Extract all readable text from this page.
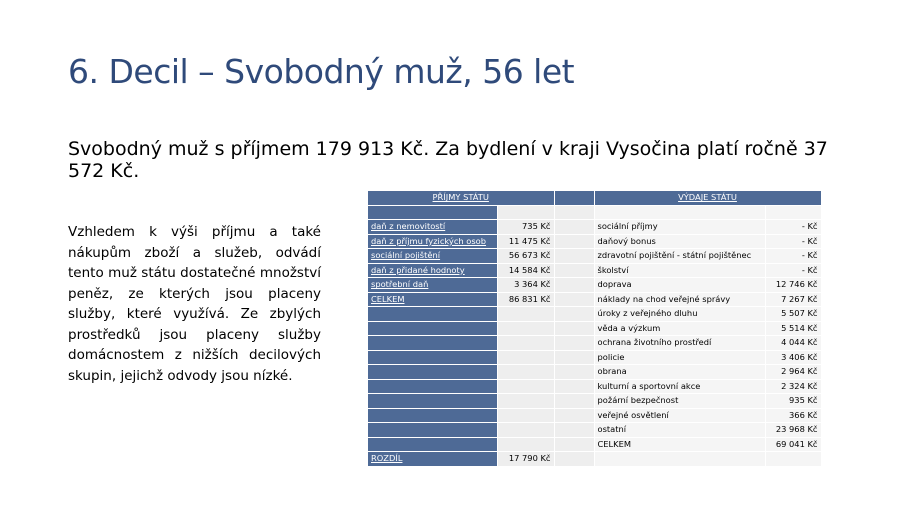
6. Decil – Svobodný muž, 56 let

Svobodný muž s příjmem 179 913 Kč. Za bydlení v kraji Vysočina platí ročně 37 572 Kč.

Vzhledem k výši příjmu a také nákupům zboží a služeb, odvádí tento muž státu dostatečné množství peněz, ze kterých jsou placeny služby, které využívá. Ze zbylých prostředků jsou placeny služby domácnostem z nižších decilových skupin, jejichž odvody jsou nízké.

PŘÍJMY STÁTU			VÝDAJE STÁTU	

daň z nemovitostí	735 Kč		sociální příjmy	- Kč
daň z příjmu fyzických osob	11 475 Kč		daňový bonus	- Kč
sociální pojištění	56 673 Kč		zdravotní pojištění - státní pojištěnec	- Kč
daň z přidané hodnoty	14 584 Kč		školství	- Kč
spotřební daň	3 364 Kč		doprava	12 746 Kč
CELKEM	86 831 Kč		náklady na chod veřejné správy	7 267 Kč
			úroky z veřejného dluhu	5 507 Kč
			věda a výzkum	5 514 Kč
			ochrana životního prostředí	4 044 Kč
			policie	3 406 Kč
			obrana	2 964 Kč
			kulturní a sportovní akce	2 324 Kč
			požární bezpečnost	935 Kč
			veřejné osvětlení	366 Kč
			ostatní	23 968 Kč
			CELKEM	69 041 Kč
ROZDÍL	17 790 Kč			
